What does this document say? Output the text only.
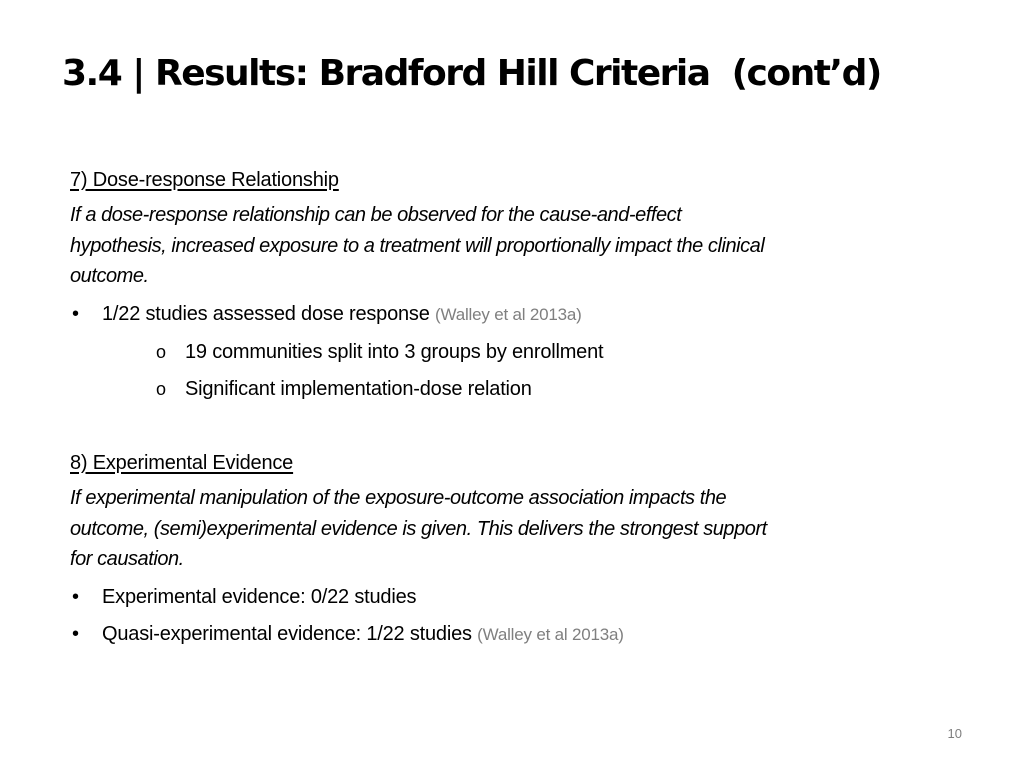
3.4 | Results: Bradford Hill Criteria  (cont’d)

7) Dose-response Relationship

If a dose-response relationship can be observed for the cause-and-effect
hypothesis, increased exposure to a treatment will proportionally impact the clinical
outcome.

• 1/22 studies assessed dose response (Walley et al 2013a)
o 19 communities split into 3 groups by enrollment
o Significant implementation-dose relation

8) Experimental Evidence

If experimental manipulation of the exposure-outcome association impacts the
outcome, (semi)experimental evidence is given. This delivers the strongest support
for causation.

• Experimental evidence: 0/22 studies
• Quasi-experimental evidence: 1/22 studies (Walley et al 2013a)
10
